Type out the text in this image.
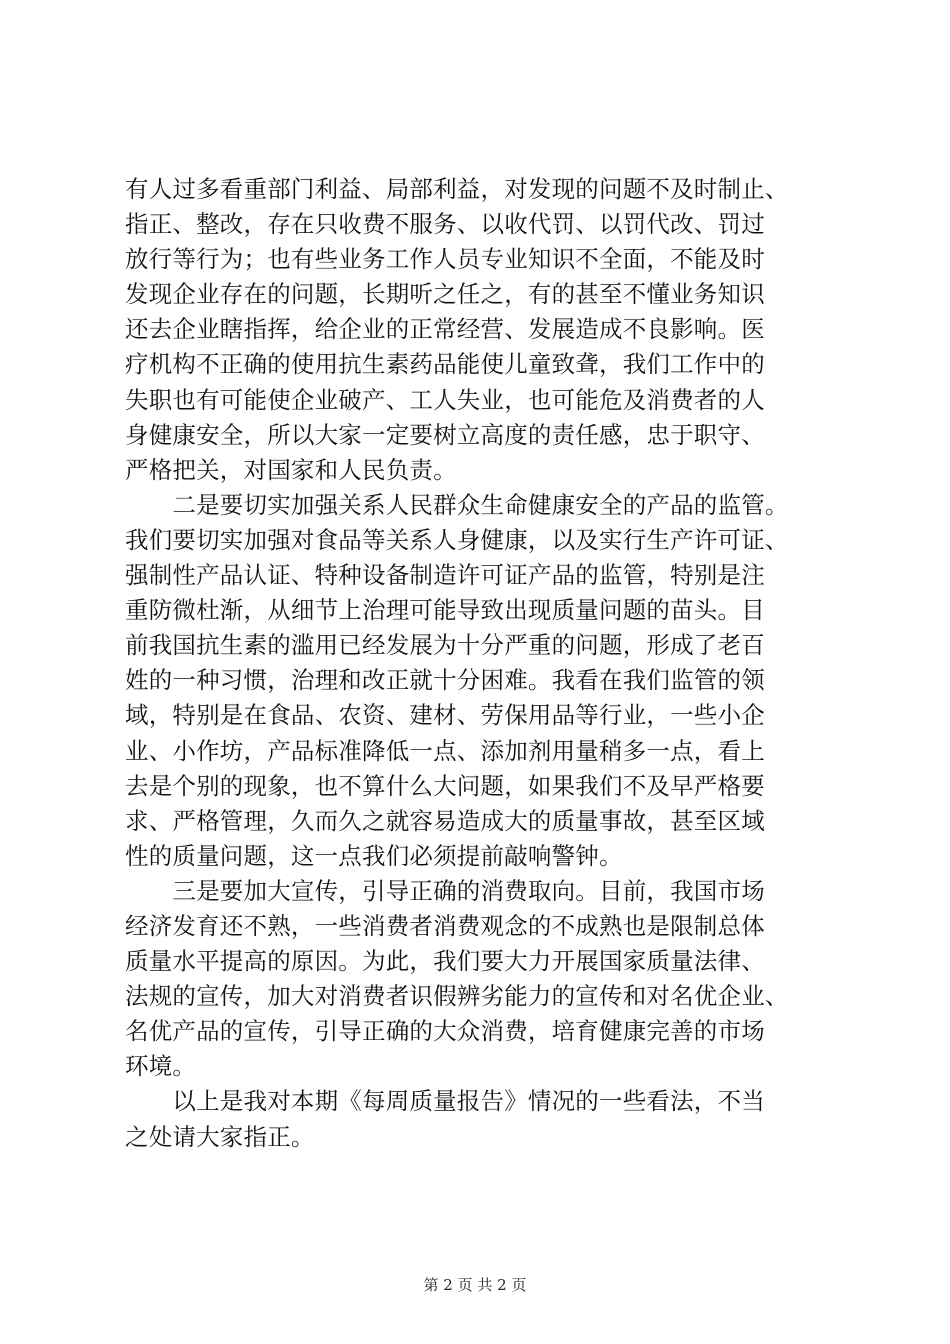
有人过多看重部门利益、局部利益，对发现的问题不及时制止、
指正、整改，存在只收费不服务、以收代罚、以罚代改、罚过
放行等行为；也有些业务工作人员专业知识不全面，不能及时
发现企业存在的问题，长期听之任之，有的甚至不懂业务知识
还去企业瞎指挥，给企业的正常经营、发展造成不良影响。医
疗机构不正确的使用抗生素药品能使儿童致聋，我们工作中的
失职也有可能使企业破产、工人失业，也可能危及消费者的人
身健康安全，所以大家一定要树立高度的责任感，忠于职守、
严格把关，对国家和人民负责。
　　二是要切实加强关系人民群众生命健康安全的产品的监管。
我们要切实加强对食品等关系人身健康，以及实行生产许可证、
强制性产品认证、特种设备制造许可证产品的监管，特别是注
重防微杜渐，从细节上治理可能导致出现质量问题的苗头。目
前我国抗生素的滥用已经发展为十分严重的问题，形成了老百
姓的一种习惯，治理和改正就十分困难。我看在我们监管的领
域，特别是在食品、农资、建材、劳保用品等行业，一些小企
业、小作坊，产品标准降低一点、添加剂用量稍多一点，看上
去是个别的现象，也不算什么大问题，如果我们不及早严格要
求、严格管理，久而久之就容易造成大的质量事故，甚至区域
性的质量问题，这一点我们必须提前敲响警钟。
　　三是要加大宣传，引导正确的消费取向。目前，我国市场
经济发育还不熟，一些消费者消费观念的不成熟也是限制总体
质量水平提高的原因。为此，我们要大力开展国家质量法律、
法规的宣传，加大对消费者识假辨劣能力的宣传和对名优企业、
名优产品的宣传，引导正确的大众消费，培育健康完善的市场
环境。
　　以上是我对本期《每周质量报告》情况的一些看法，不当
之处请大家指正。
第 2 页 共 2 页
